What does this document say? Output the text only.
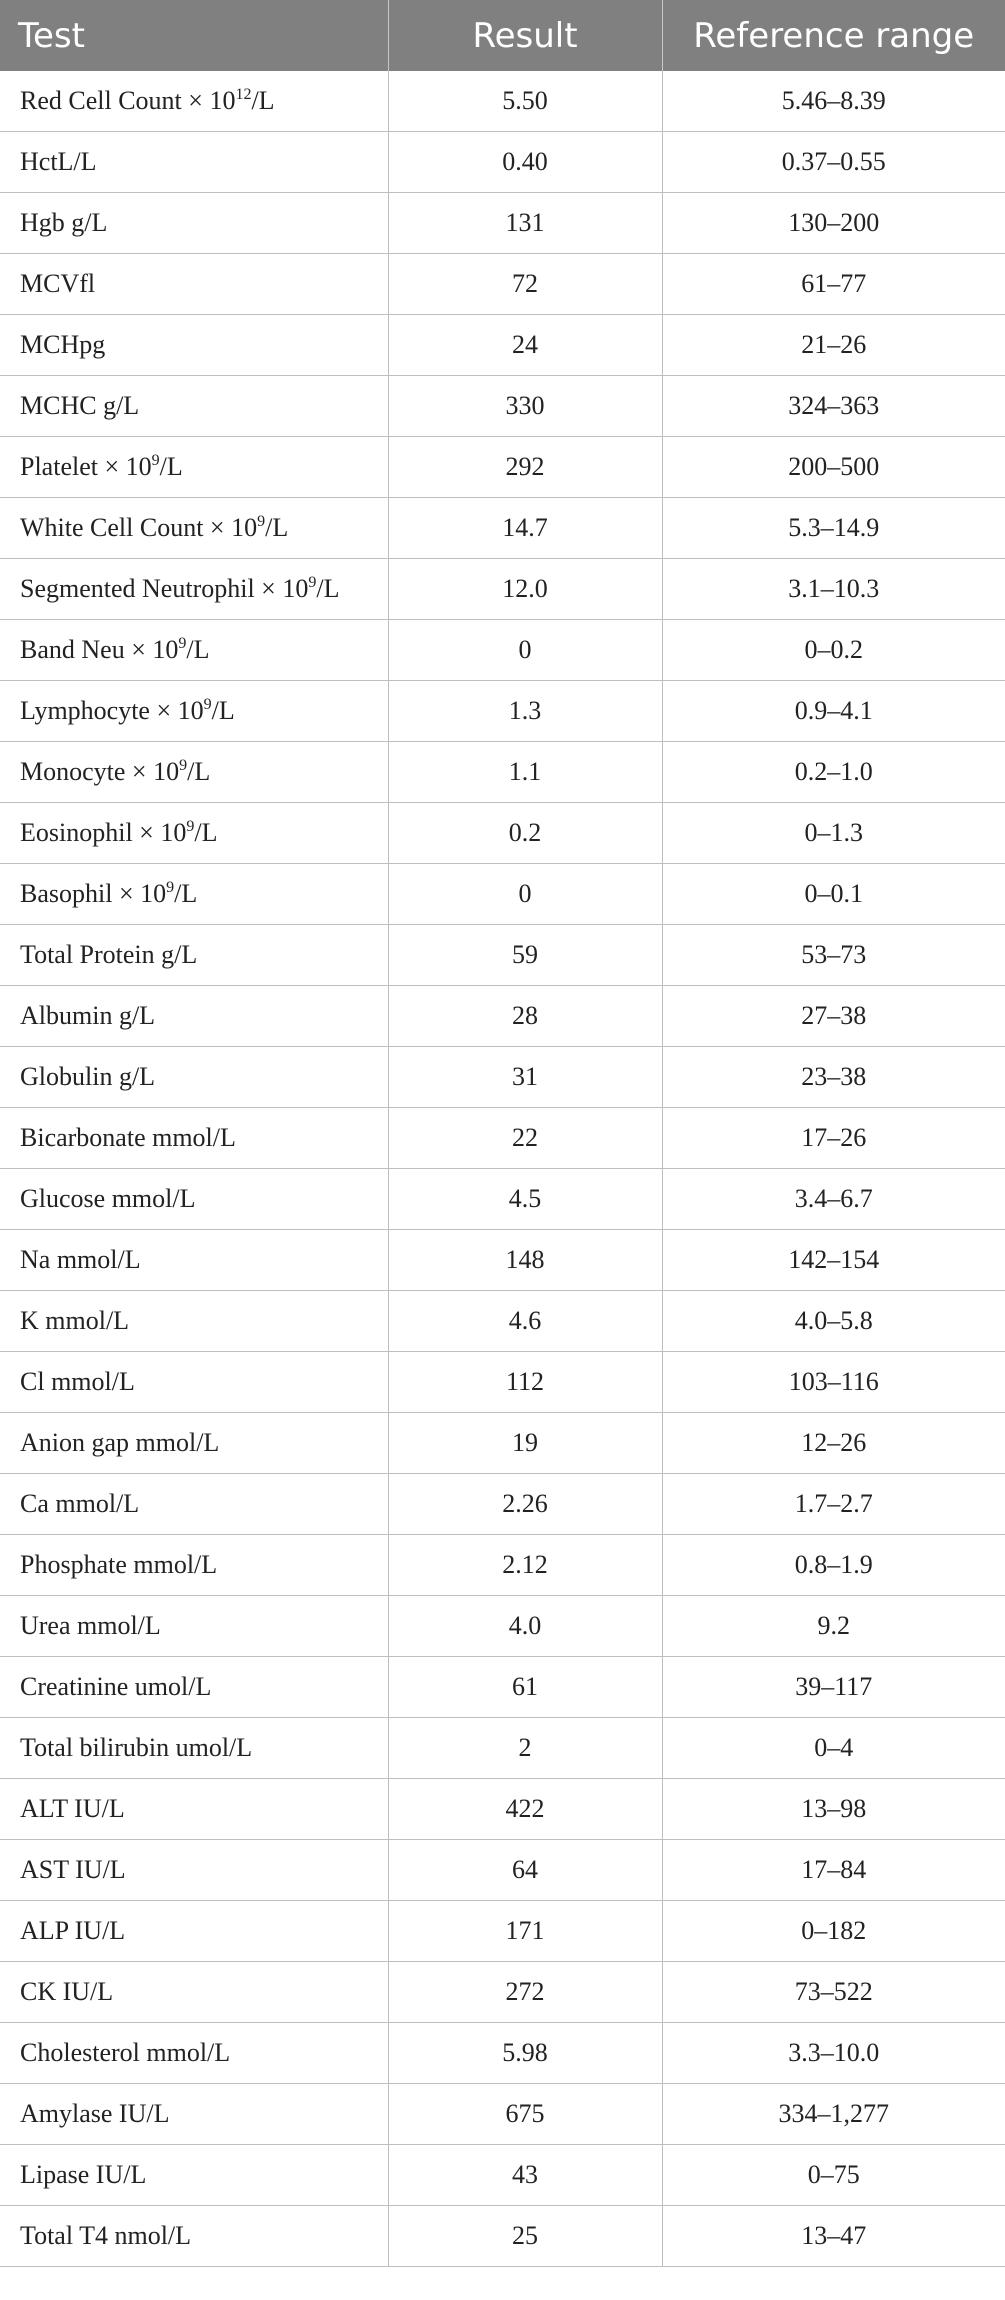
Test	Result	Reference range
Red Cell Count × $10^{12}/L$	5.50	5.46–8.39
HctL/L	0.40	0.37–0.55
Hgb g/L	131	130–200
MCVfl	72	61–77
MCHpg	24	21–26
MCHC g/L	330	324–363
Platelet × $10^9/L$	292	200–500
White Cell Count × $10^9/L$	14.7	5.3–14.9
Segmented Neutrophil × $10^9/L$	12.0	3.1–10.3
Band Neu × $10^9/L$	0	0–0.2
Lymphocyte × $10^9/L$	1.3	0.9–4.1
Monocyte × $10^9/L$	1.1	0.2–1.0
Eosinophil × $10^9/L$	0.2	0–1.3
Basophil × $10^9/L$	0	0–0.1
Total Protein g/L	59	53–73
Albumin g/L	28	27–38
Globulin g/L	31	23–38
Bicarbonate mmol/L	22	17–26
Glucose mmol/L	4.5	3.4–6.7
Na mmol/L	148	142–154
K mmol/L	4.6	4.0–5.8
Cl mmol/L	112	103–116
Anion gap mmol/L	19	12–26
Ca mmol/L	2.26	1.7–2.7
Phosphate mmol/L	2.12	0.8–1.9
Urea mmol/L	4.0	9.2
Creatinine umol/L	61	39–117
Total bilirubin umol/L	2	0–4
ALT IU/L	422	13–98
AST IU/L	64	17–84
ALP IU/L	171	0–182
CK IU/L	272	73–522
Cholesterol mmol/L	5.98	3.3–10.0
Amylase IU/L	675	334–1,277
Lipase IU/L	43	0–75
Total T4 nmol/L	25	13–47
